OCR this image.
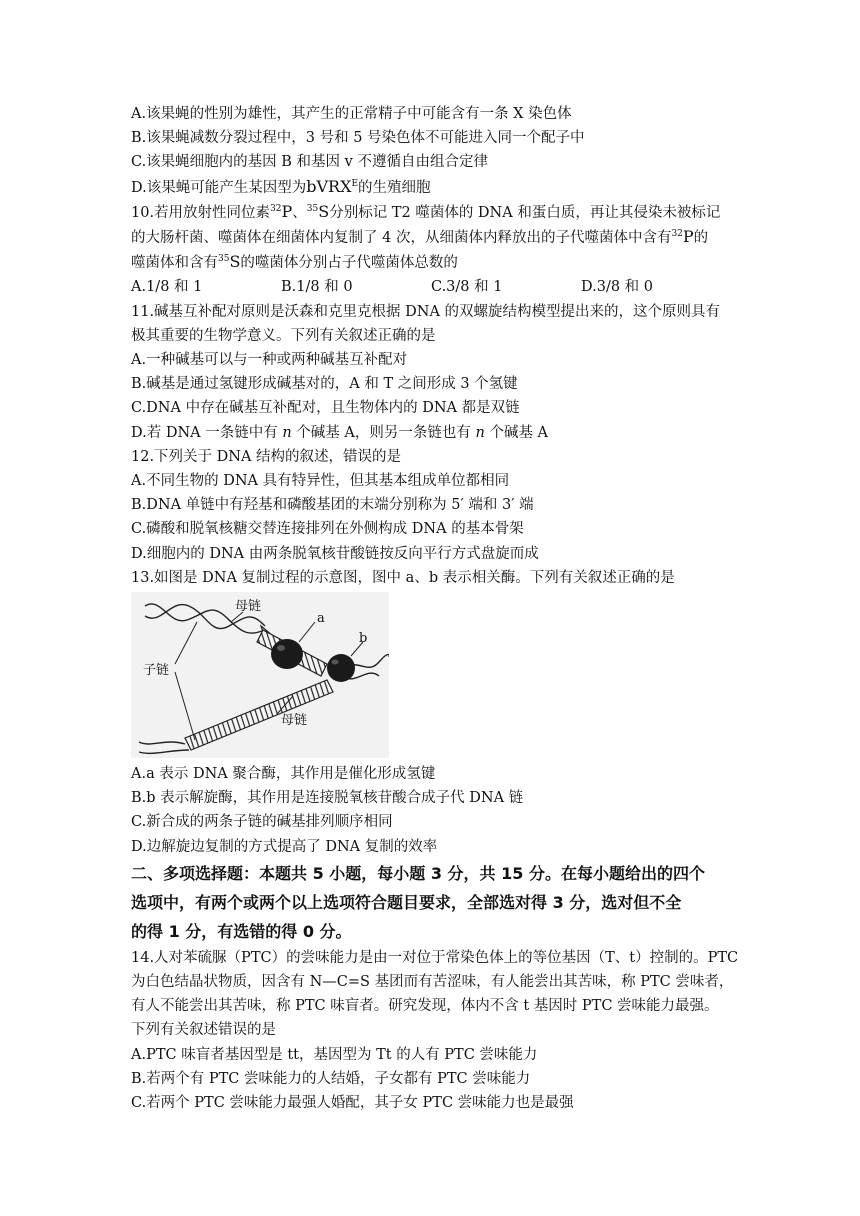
A.该果蝇的性别为雄性，其产生的正常精子中可能含有一条 X 染色体
B.该果蝇减数分裂过程中，3 号和 5 号染色体不可能进入同一个配子中
C.该果蝇细胞内的基因 B 和基因 v 不遵循自由组合定律
D.该果蝇可能产生某因型为bVRX$^E$的生殖细胞
10.若用放射性同位素$^{32}$P、$^{35}$S分别标记 T2 噬菌体的 DNA 和蛋白质，再让其侵染未被标记
的大肠杆菌、噬菌体在细菌体内复制了 4 次，从细菌体内释放出的子代噬菌体中含有$^{32}$P的
噬菌体和含有$^{35}$S的噬菌体分别占子代噬菌体总数的
A.1/8 和 1	B.1/8 和 0	C.3/8 和 1	D.3/8 和 0
11.碱基互补配对原则是沃森和克里克根据 DNA 的双螺旋结构模型提出来的，这个原则具有
极其重要的生物学意义。下列有关叙述正确的是
A.一种碱基可以与一种或两种碱基互补配对
B.碱基是通过氢键形成碱基对的，A 和 T 之间形成 3 个氢键
C.DNA 中存在碱基互补配对，且生物体内的 DNA 都是双链
D.若 DNA 一条链中有 n 个碱基 A，则另一条链也有 n 个碱基 A
12.下列关于 DNA 结构的叙述，错误的是
A.不同生物的 DNA 具有特异性，但其基本组成单位都相同
B.DNA 单链中有羟基和磷酸基团的末端分别称为 5′ 端和 3′ 端
C.磷酸和脱氧核糖交替连接排列在外侧构成 DNA 的基本骨架
D.细胞内的 DNA 由两条脱氧核苷酸链按反向平行方式盘旋而成
13.如图是 DNA 复制过程的示意图，图中 a、b 表示相关酶。下列有关叙述正确的是
母链
a
b
子链
母链
A.a 表示 DNA 聚合酶，其作用是催化形成氢键
B.b 表示解旋酶，其作用是连接脱氧核苷酸合成子代 DNA 链
C.新合成的两条子链的碱基排列顺序相同
D.边解旋边复制的方式提高了 DNA 复制的效率
二、多项选择题：本题共 5 小题，每小题 3 分，共 15 分。在每小题给出的四个
选项中，有两个或两个以上选项符合题目要求，全部选对得 3 分，选对但不全
的得 1 分，有选错的得 0 分。
14.人对苯硫脲（PTC）的尝味能力是由一对位于常染色体上的等位基因（T、t）控制的。PTC
为白色结晶状物质，因含有 N—C=S 基团而有苦涩味，有人能尝出其苦味，称 PTC 尝味者，
有人不能尝出其苦味，称 PTC 味盲者。研究发现，体内不含 t 基因时 PTC 尝味能力最强。
下列有关叙述错误的是
A.PTC 味盲者基因型是 tt，基因型为 Tt 的人有 PTC 尝味能力
B.若两个有 PTC 尝味能力的人结婚，子女都有 PTC 尝味能力
C.若两个 PTC 尝味能力最强人婚配，其子女 PTC 尝味能力也是最强
